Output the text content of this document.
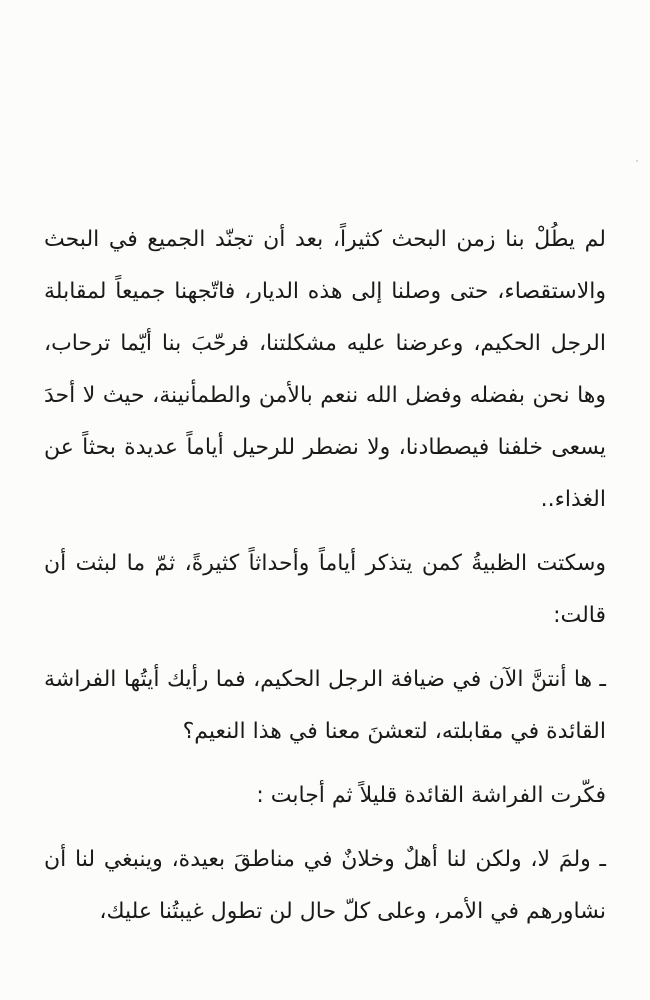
لم يطُلْ بنا زمن البحث كثيراً، بعد أن تجنّد الجميع في البحث والاستقصاء، حتى وصلنا إلى هذه الديار، فاتّجهنا جميعاً لمقابلة الرجل الحكيم، وعرضنا عليه مشكلتنا، فرحّبَ بنا أيّما ترحاب، وها نحن بفضله وفضل الله ننعم بالأمن والطمأنينة، حيث لا أحدَ يسعى خلفنا فيصطادنا، ولا نضطر للرحيل أياماً عديدة بحثاً عن الغذاء..

وسكتت الظبيةُ كمن يتذكر أياماً وأحداثاً كثيرةً، ثمّ ما لبثت أن قالت:

ـ ها أنتنَّ الآن في ضيافة الرجل الحكيم، فما رأيك أيتُها الفراشة القائدة في مقابلته، لتعشنَ معنا في هذا النعيم؟

فكّرت الفراشة القائدة قليلاً ثم أجابت :

ـ ولمَ لا، ولكن لنا أهلٌ وخلانٌ في مناطقَ بعيدة، وينبغي لنا أن نشاورهم في الأمر، وعلى كلّ حال لن تطول غيبتُنا عليك،
